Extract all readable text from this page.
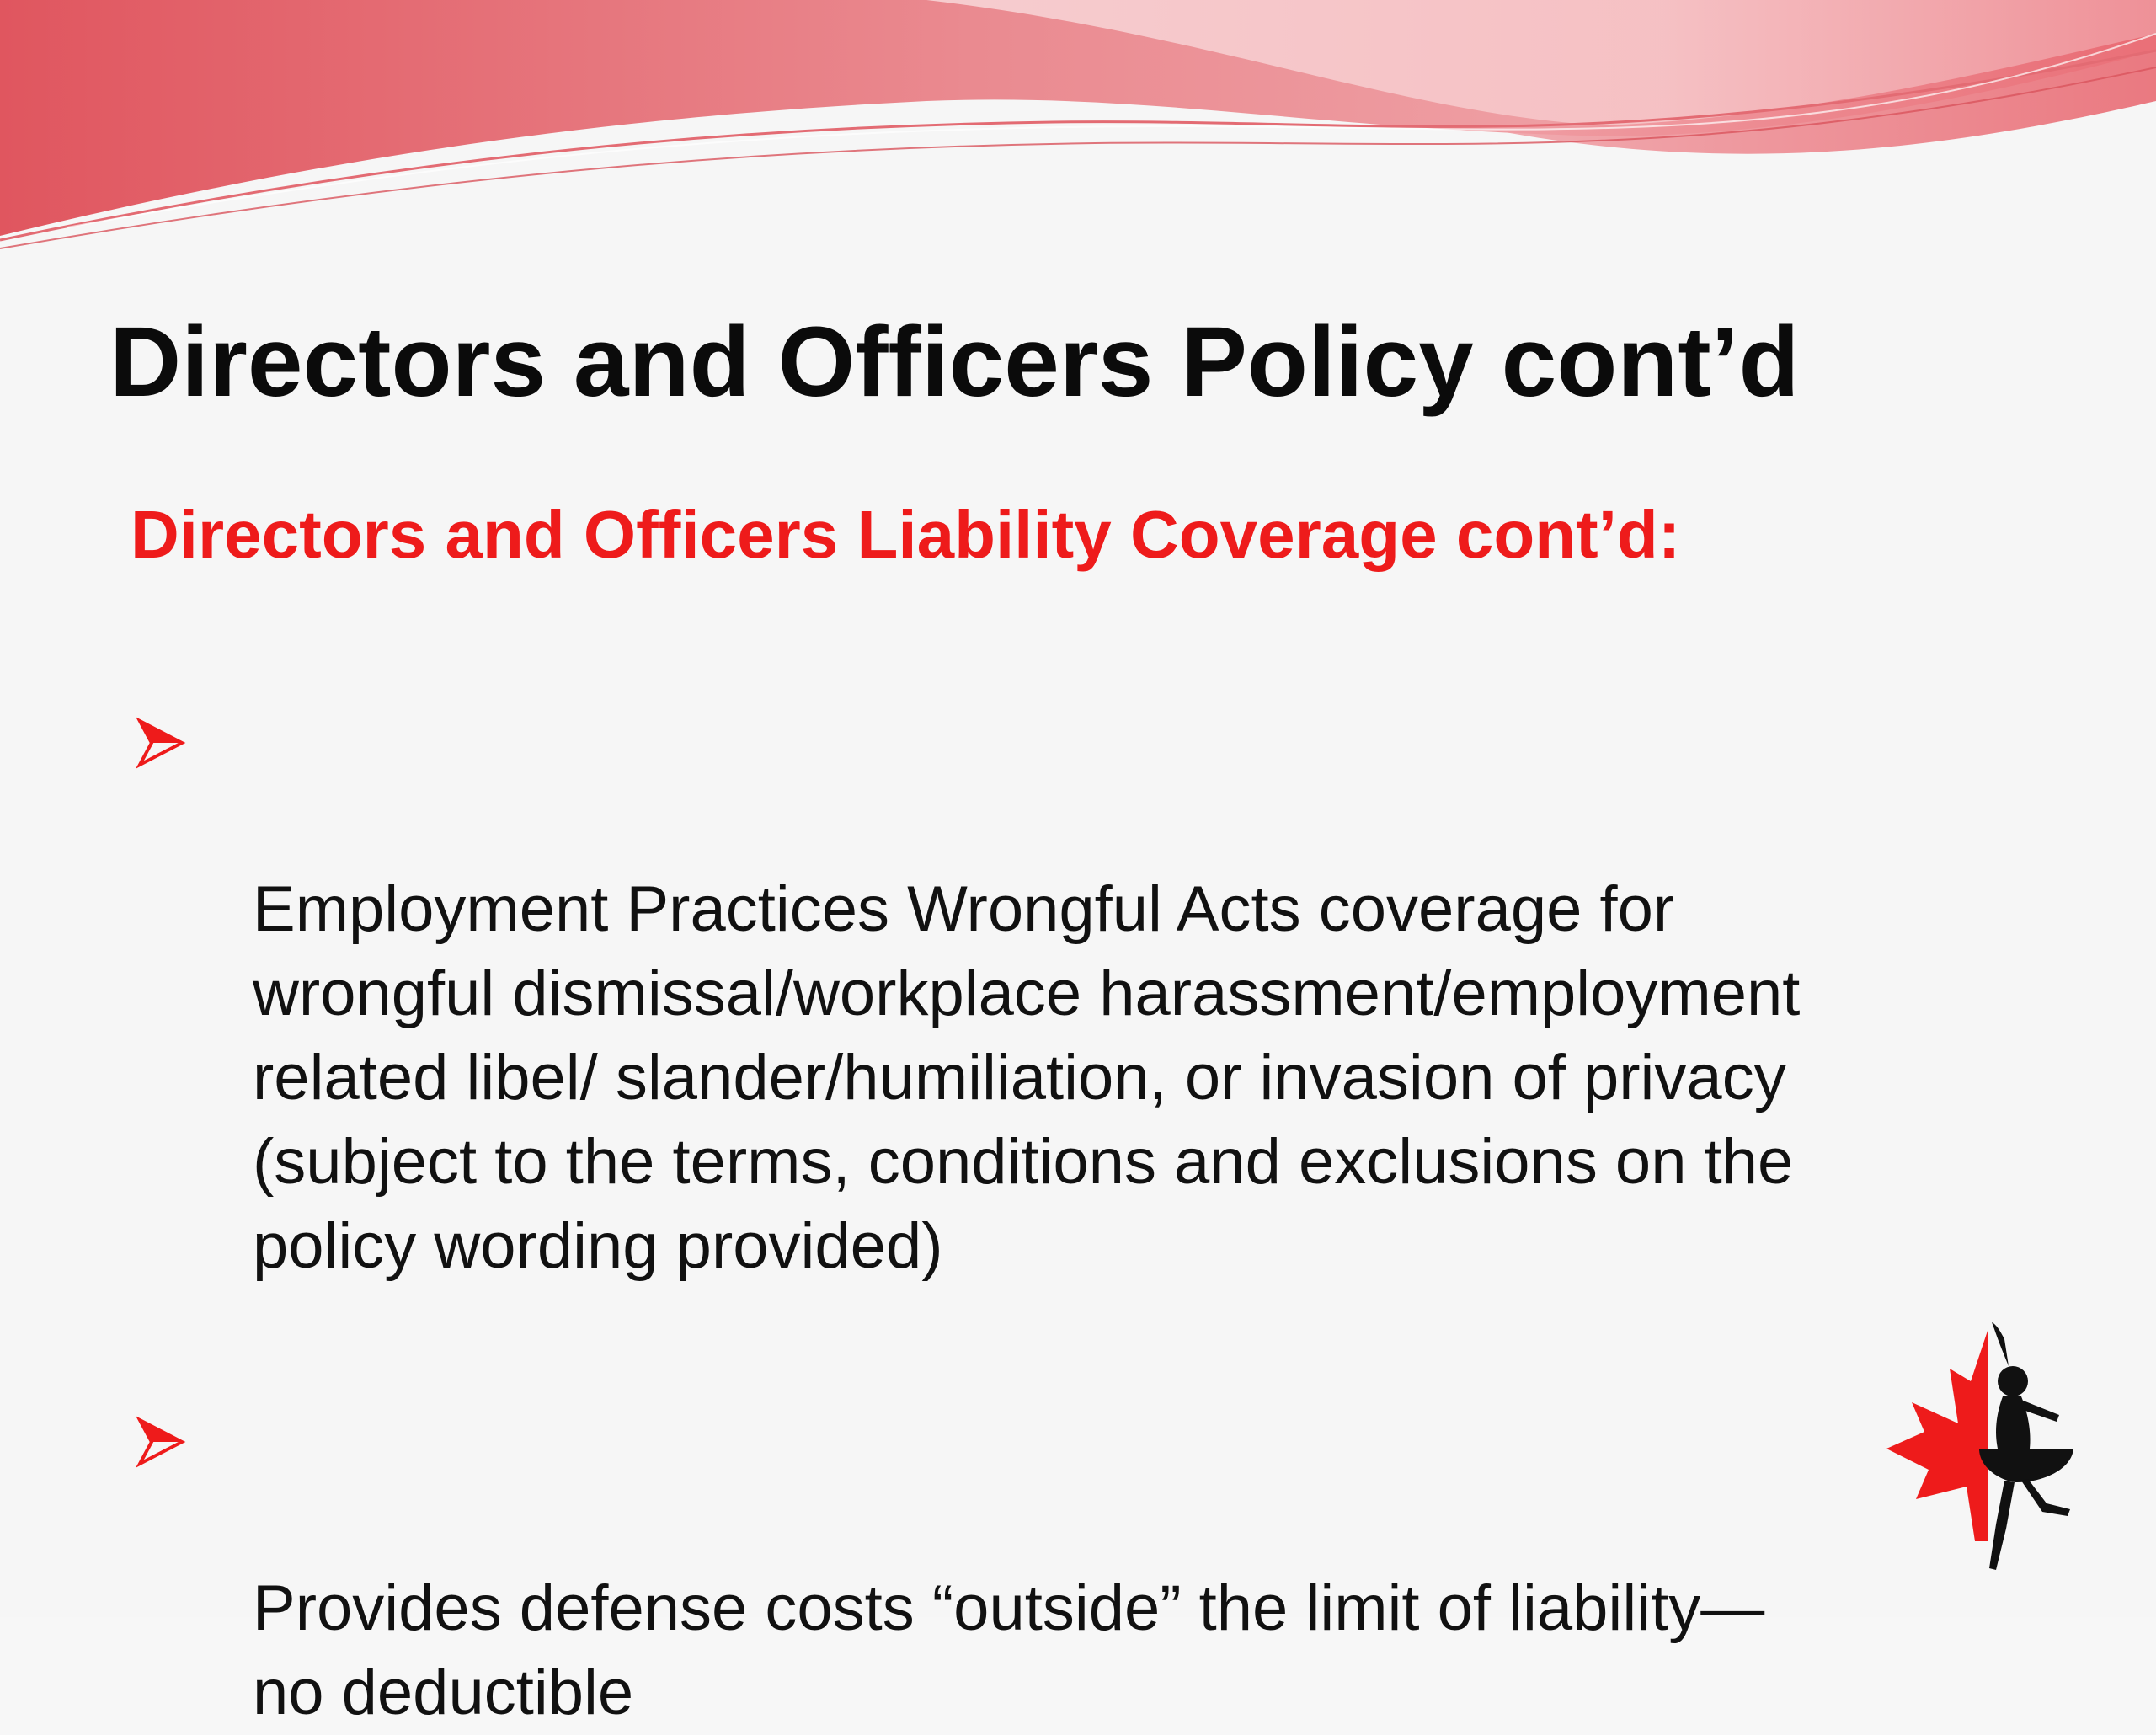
Directors and Officers Policy cont’d
Directors and Officers Liability Coverage cont’d:

Employment Practices Wrongful Acts coverage for
wrongful dismissal/workplace harassment/employment
related libel/ slander/humiliation, or invasion of privacy
(subject to the terms, conditions and exclusions on the
policy wording provided)

Provides defense costs “outside” the limit of liability—
no deductible
